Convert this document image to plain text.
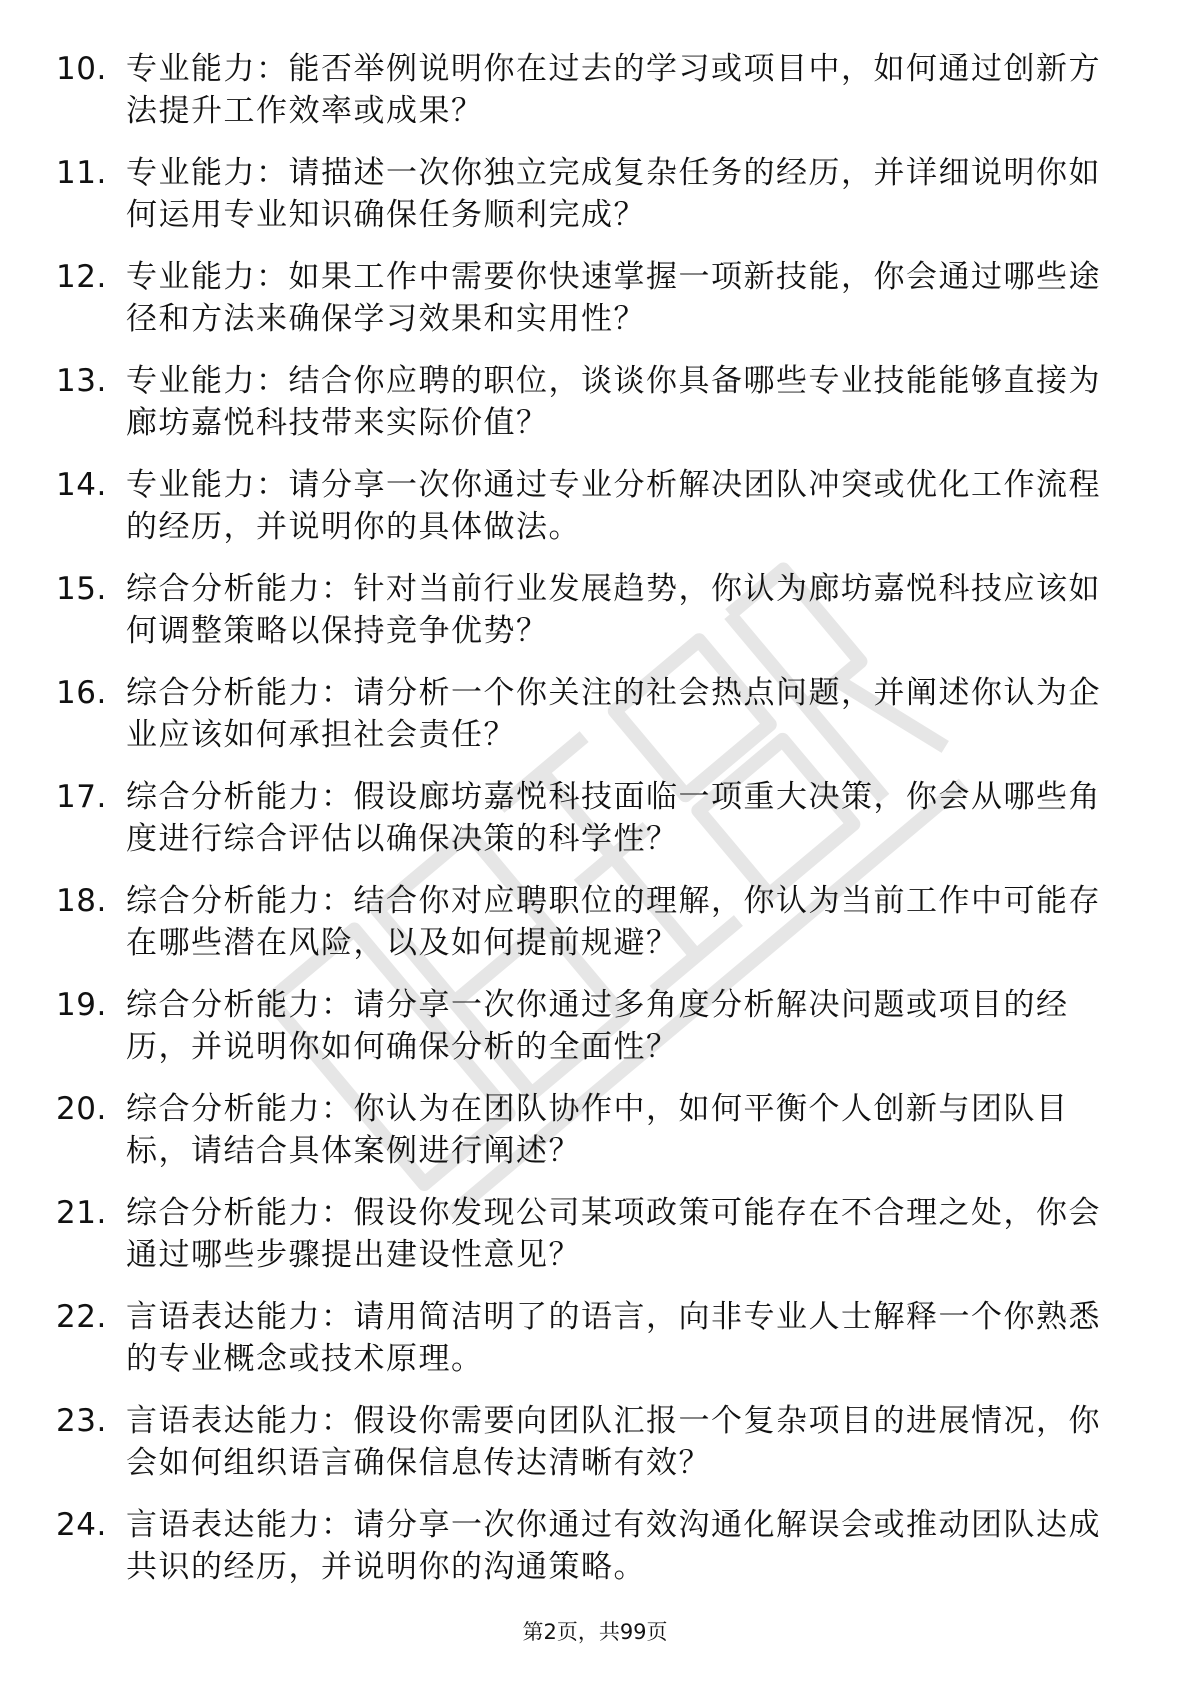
10. 专业能力：能否举例说明你在过去的学习或项目中，如何通过创新方法提升工作效率或成果？
11. 专业能力：请描述一次你独立完成复杂任务的经历，并详细说明你如何运用专业知识确保任务顺利完成？
12. 专业能力：如果工作中需要你快速掌握一项新技能，你会通过哪些途径和方法来确保学习效果和实用性？
13. 专业能力：结合你应聘的职位，谈谈你具备哪些专业技能能够直接为廊坊嘉悦科技带来实际价值？
14. 专业能力：请分享一次你通过专业分析解决团队冲突或优化工作流程的经历，并说明你的具体做法。
15. 综合分析能力：针对当前行业发展趋势，你认为廊坊嘉悦科技应该如何调整策略以保持竞争优势？
16. 综合分析能力：请分析一个你关注的社会热点问题，并阐述你认为企业应该如何承担社会责任？
17. 综合分析能力：假设廊坊嘉悦科技面临一项重大决策，你会从哪些角度进行综合评估以确保决策的科学性？
18. 综合分析能力：结合你对应聘职位的理解，你认为当前工作中可能存在哪些潜在风险，以及如何提前规避？
19. 综合分析能力：请分享一次你通过多角度分析解决问题或项目的经历，并说明你如何确保分析的全面性？
20. 综合分析能力：你认为在团队协作中，如何平衡个人创新与团队目标，请结合具体案例进行阐述？
21. 综合分析能力：假设你发现公司某项政策可能存在不合理之处，你会通过哪些步骤提出建设性意见？
22. 言语表达能力：请用简洁明了的语言，向非专业人士解释一个你熟悉的专业概念或技术原理。
23. 言语表达能力：假设你需要向团队汇报一个复杂项目的进展情况，你会如何组织语言确保信息传达清晰有效？
24. 言语表达能力：请分享一次你通过有效沟通化解误会或推动团队达成共识的经历，并说明你的沟通策略。
第2页，共99页
